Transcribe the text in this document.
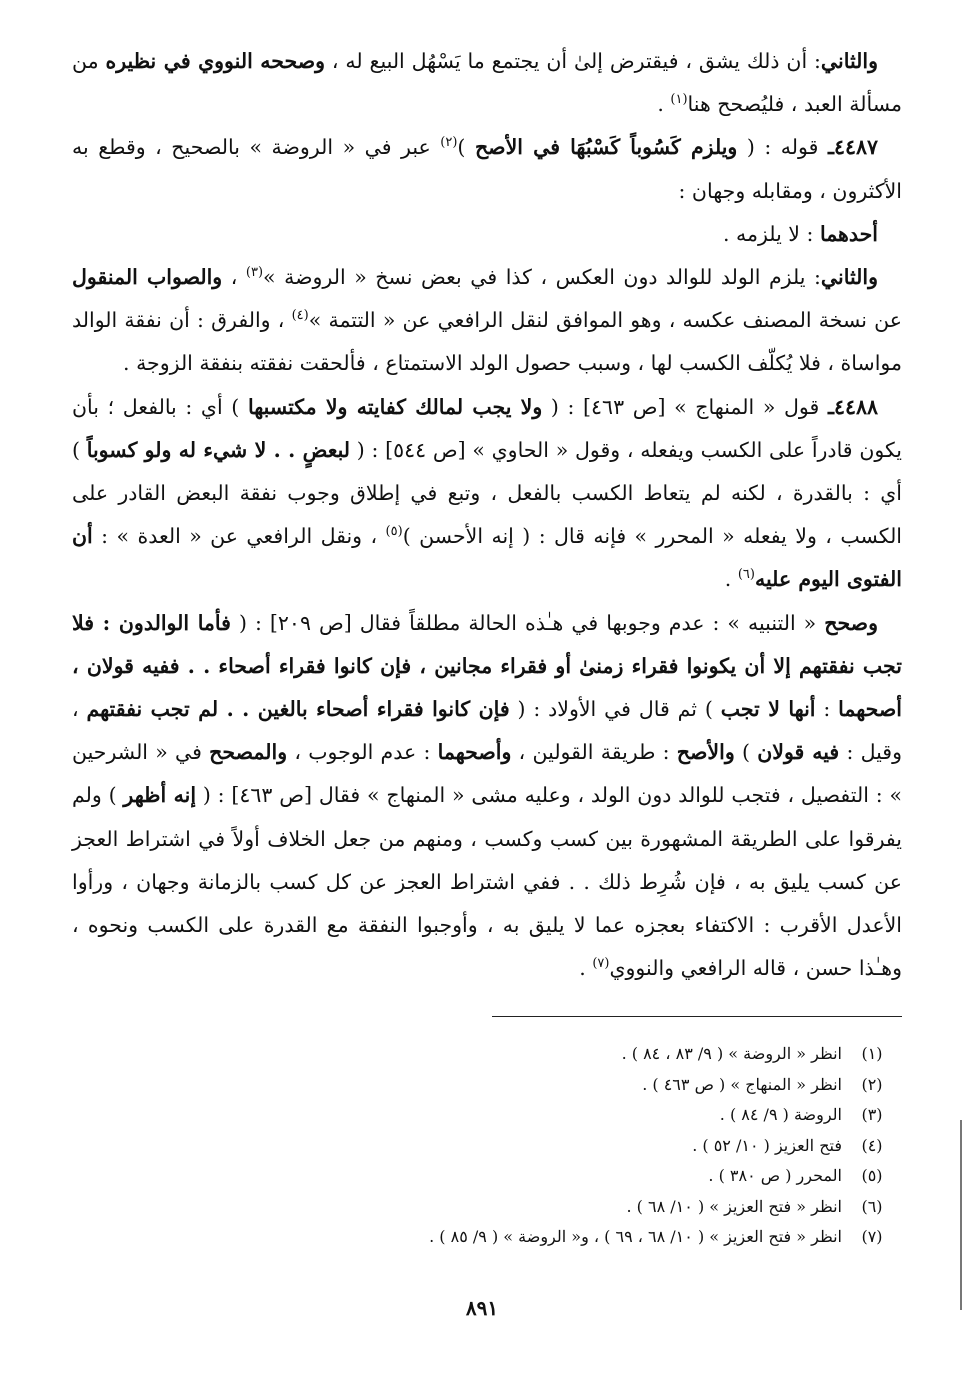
والثاني: أن ذلك يشق ، فيقترض إلىٰ أن يجتمع ما يَسْهُل البيع له ، وصححه النووي في نظيره من مسألة العبد ، فليُصحح هنا$^{(١)}$ .

٤٤٨٧ـ قوله : ( ويلزم كَسُوباً كَسْبُهَا في الأصح )$^{(٢)}$ عبر في « الروضة » بالصحيح ، وقطع به الأكثرون ، ومقابله وجهان :

أحدهما : لا يلزمه .

والثاني: يلزم الولد للوالد دون العكس ، كذا في بعض نسخ « الروضة »$^{(٣)}$ ، والصواب المنقول عن نسخة المصنف عكسه ، وهو الموافق لنقل الرافعي عن « التتمة »$^{(٤)}$ ، والفرق : أن نفقة الوالد مواساة ، فلا يُكلّف الكسب لها ، وسبب حصول الولد الاستمتاع ، فألحقت نفقته بنفقة الزوجة .

٤٤٨٨ـ قول « المنهاج » [ص ٤٦٣] : ( ولا يجب لمالك كفايته ولا مكتسبها ) أي : بالفعل ؛ بأن يكون قادراً على الكسب ويفعله ، وقول « الحاوي » [ص ٥٤٤] : ( لبعضٍ . . لا شيء له ولو كسوباً ) أي : بالقدرة ، لكنه لم يتعاط الكسب بالفعل ، وتبع في إطلاق وجوب نفقة البعض القادر على الكسب ، ولا يفعله « المحرر » فإنه قال : ( إنه الأحسن )$^{(٥)}$ ، ونقل الرافعي عن « العدة » : أن الفتوى اليوم عليه$^{(٦)}$ .

وصحح « التنبيه » : عدم وجوبها في هـٰذه الحالة مطلقاً فقال [ص ٢٠٩] : ( فأما الوالدون : فلا تجب نفقتهم إلا أن يكونوا فقراء زمنىٰ أو فقراء مجانين ، فإن كانوا فقراء أصحاء . . ففيه قولان ، أصحهما : أنها لا تجب ) ثم قال في الأولاد : ( فإن كانوا فقراء أصحاء بالغين . . لم تجب نفقتهم ، وقيل : فيه قولان ) والأصح : طريقة القولين ، وأصحهما : عدم الوجوب ، والمصحح في « الشرحين » : التفصيل ، فتجب للوالد دون الولد ، وعليه مشى « المنهاج » فقال [ص ٤٦٣] : ( إنه أظهر ) ولم يفرقوا على الطريقة المشهورة بين كسب وكسب ، ومنهم من جعل الخلاف أولاً في اشتراط العجز عن كسب يليق به ، فإن شُرِط ذلك . . ففي اشتراط العجز عن كل كسب بالزمانة وجهان ، ورأوا الأعدل الأقرب : الاكتفاء بعجزه عما لا يليق به ، وأوجبوا النفقة مع القدرة على الكسب ونحوه ، وهـٰذا حسن ، قاله الرافعي والنووي$^{(٧)}$ .

(١)
انظر « الروضة » ( ٩/ ٨٣ ، ٨٤ ) .
(٢)
انظر « المنهاج » ( ص ٤٦٣ ) .
(٣)
الروضة ( ٩/ ٨٤ ) .
(٤)
فتح العزيز ( ١٠/ ٥٢ ) .
(٥)
المحرر ( ص ٣٨٠ ) .
(٦)
انظر « فتح العزيز » ( ١٠/ ٦٨ ) .
(٧)
انظر « فتح العزيز » ( ١٠/ ٦٨ ، ٦٩ ) ، و« الروضة » ( ٩/ ٨٥ ) .
٨٩١
